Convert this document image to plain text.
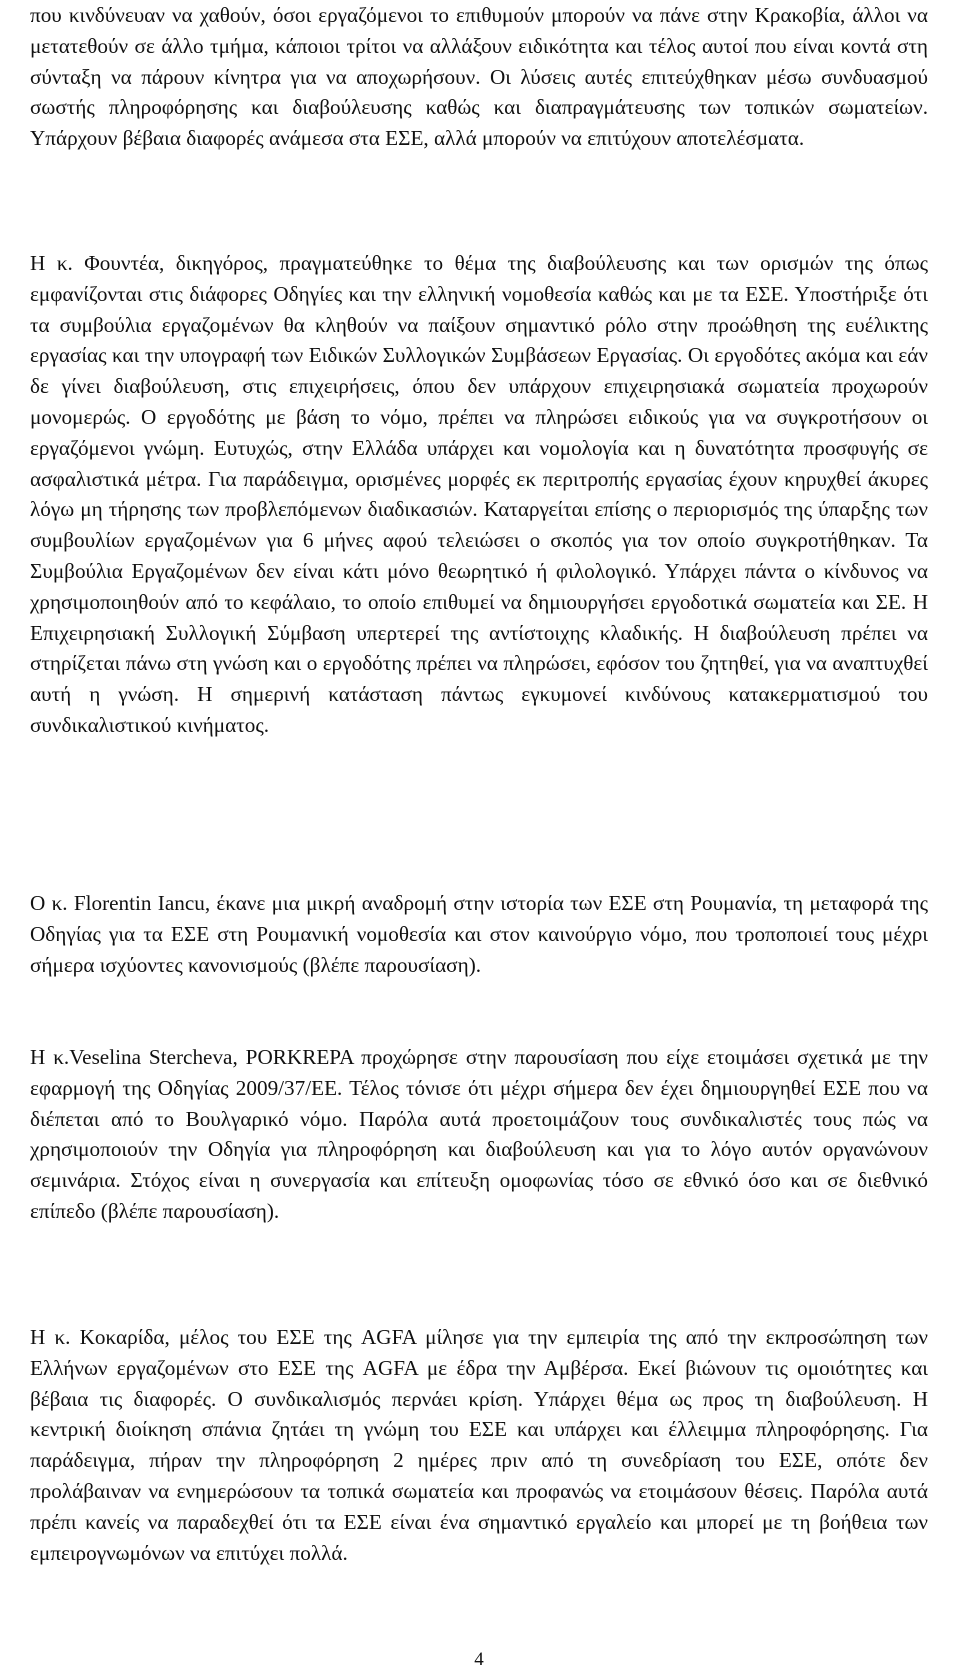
που κινδύνευαν να χαθούν, όσοι εργαζόμενοι το επιθυμούν μπορούν να πάνε στην Κρακοβία, άλλοι να μετατεθούν σε άλλο τμήμα, κάποιοι τρίτοι να αλλάξουν ειδικότητα και τέλος αυτοί που είναι κοντά στη σύνταξη να πάρουν κίνητρα για να αποχωρήσουν. Οι λύσεις αυτές επιτεύχθηκαν μέσω συνδυασμού σωστής πληροφόρησης και διαβούλευσης καθώς και διαπραγμάτευσης των τοπικών σωματείων. Υπάρχουν βέβαια διαφορές ανάμεσα στα ΕΣΕ, αλλά μπορούν να επιτύχουν αποτελέσματα.

Η κ. Φουντέα, δικηγόρος, πραγματεύθηκε το θέμα της διαβούλευσης και των ορισμών της όπως εμφανίζονται στις διάφορες Οδηγίες και την ελληνική νομοθεσία καθώς και με τα ΕΣΕ. Υποστήριξε ότι τα συμβούλια εργαζομένων θα κληθούν να παίξουν σημαντικό ρόλο στην προώθηση της ευέλικτης εργασίας και την υπογραφή των Ειδικών Συλλογικών Συμβάσεων Εργασίας. Οι εργοδότες ακόμα και εάν δε γίνει διαβούλευση, στις επιχειρήσεις, όπου δεν υπάρχουν επιχειρησιακά σωματεία προχωρούν μονομερώς. Ο εργοδότης με βάση το νόμο, πρέπει να πληρώσει ειδικούς για να συγκροτήσουν οι εργαζόμενοι γνώμη. Ευτυχώς, στην Ελλάδα υπάρχει και νομολογία και η δυνατότητα προσφυγής σε ασφαλιστικά μέτρα. Για παράδειγμα, ορισμένες μορφές εκ περιτροπής εργασίας έχουν κηρυχθεί άκυρες λόγω μη τήρησης των προβλεπόμενων διαδικασιών. Καταργείται επίσης ο περιορισμός της ύπαρξης των συμβουλίων εργαζομένων για 6 μήνες αφού τελειώσει ο σκοπός για τον οποίο συγκροτήθηκαν. Τα Συμβούλια Εργαζομένων δεν είναι κάτι μόνο θεωρητικό ή φιλολογικό. Υπάρχει πάντα ο κίνδυνος να χρησιμοποιηθούν από το κεφάλαιο, το οποίο επιθυμεί να δημιουργήσει εργοδοτικά σωματεία και ΣΕ. Η Επιχειρησιακή Συλλογική Σύμβαση υπερτερεί της αντίστοιχης κλαδικής. Η διαβούλευση πρέπει να στηρίζεται πάνω στη γνώση και ο εργοδότης πρέπει να πληρώσει, εφόσον του ζητηθεί, για να αναπτυχθεί αυτή η γνώση. Η σημερινή κατάσταση πάντως εγκυμονεί κινδύνους κατακερματισμού του συνδικαλιστικού κινήματος.

Ο κ. Florentin Iancu, έκανε μια μικρή αναδρομή στην ιστορία των ΕΣΕ στη Ρουμανία, τη μεταφορά της Οδηγίας για τα ΕΣΕ στη Ρουμανική νομοθεσία και στον καινούργιο νόμο, που τροποποιεί τους μέχρι σήμερα ισχύοντες κανονισμούς (βλέπε παρουσίαση).

Η κ.Veselina Stercheva, PORKREPA προχώρησε στην παρουσίαση που είχε ετοιμάσει σχετικά με την εφαρμογή της Οδηγίας 2009/37/ΕΕ. Τέλος τόνισε ότι μέχρι σήμερα δεν έχει δημιουργηθεί ΕΣΕ που να διέπεται από το Βουλγαρικό νόμο. Παρόλα αυτά προετοιμάζουν τους συνδικαλιστές τους πώς να χρησιμοποιούν την Οδηγία για πληροφόρηση και διαβούλευση και για το λόγο αυτόν οργανώνουν σεμινάρια. Στόχος είναι η συνεργασία και επίτευξη ομοφωνίας τόσο σε εθνικό όσο και σε διεθνικό επίπεδο (βλέπε παρουσίαση).

Η κ. Κοκαρίδα, μέλος του ΕΣΕ της AGFA μίλησε για την εμπειρία της από την εκπροσώπηση των Ελλήνων εργαζομένων στο ΕΣΕ της AGFA με έδρα την Αμβέρσα. Εκεί βιώνουν τις ομοιότητες και βέβαια τις διαφορές. Ο συνδικαλισμός περνάει κρίση. Υπάρχει θέμα ως προς τη διαβούλευση. Η κεντρική διοίκηση σπάνια ζητάει τη γνώμη του ΕΣΕ και υπάρχει και έλλειμμα πληροφόρησης. Για παράδειγμα, πήραν την πληροφόρηση 2 ημέρες πριν από τη συνεδρίαση του ΕΣΕ, οπότε δεν προλάβαιναν να ενημερώσουν τα τοπικά σωματεία και προφανώς να ετοιμάσουν θέσεις. Παρόλα αυτά πρέπι κανείς να παραδεχθεί ότι τα ΕΣΕ είναι ένα σημαντικό εργαλείο και μπορεί με τη βοήθεια των εμπειρογνωμόνων να επιτύχει πολλά.

4
